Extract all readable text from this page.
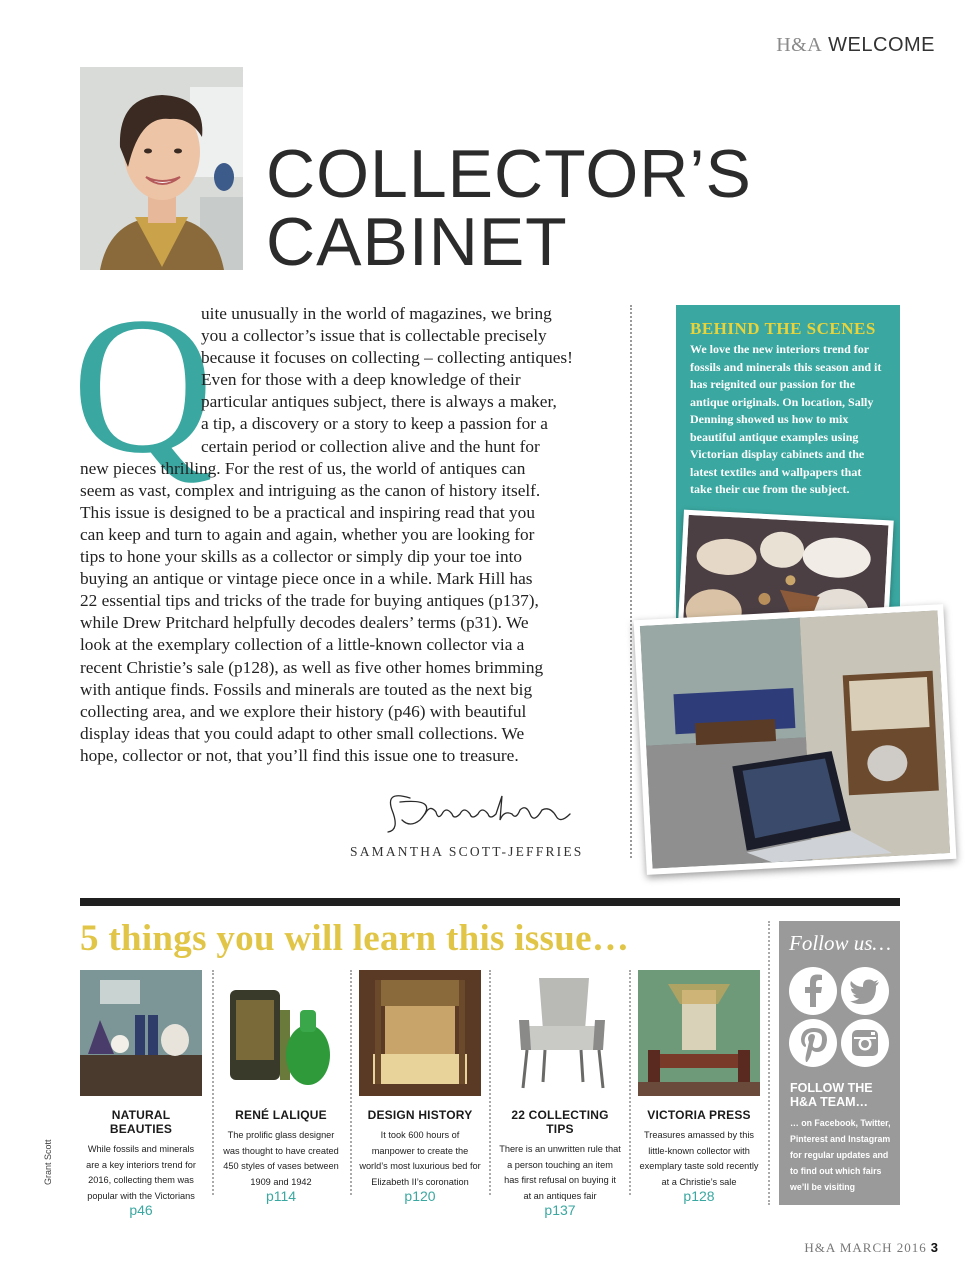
H&A WELCOME
COLLECTOR’S
CABINET
Q
uite unusually in the world of magazines, we bring
you a collector’s issue that is collectable precisely
because it focuses on collecting – collecting antiques!
Even for those with a deep knowledge of their
particular antiques subject, there is always a maker,
a tip, a discovery or a story to keep a passion for a
certain period or collection alive and the hunt for
new pieces thrilling. For the rest of us, the world of antiques can
seem as vast, complex and intriguing as the canon of history itself.
This issue is designed to be a practical and inspiring read that you
can keep and turn to again and again, whether you are looking for
tips to hone your skills as a collector or simply dip your toe into
buying an antique or vintage piece once in a while. Mark Hill has
22 essential tips and tricks of the trade for buying antiques (p137),
while Drew Pritchard helpfully decodes dealers’ terms (p31). We
look at the exemplary collection of a little-known collector via a
recent Christie’s sale (p128), as well as five other homes brimming
with antique finds. Fossils and minerals are touted as the next big
collecting area, and we explore their history (p46) with beautiful
display ideas that you could adapt to other small collections. We
hope, collector or not, that you’ll find this issue one to treasure.
SAMANTHA SCOTT-JEFFRIES
BEHIND THE SCENES

We love the new interiors trend for fossils and minerals this season and it has reignited our passion for the antique originals. On location, Sally Denning showed us how to mix beautiful antique examples using Victorian display cabinets and the latest textiles and wallpapers that take their cue from the subject.

5 things you will learn this issue…
NATURAL BEAUTIES
While fossils and minerals are a key interiors trend for 2016, collecting them was popular with the Victorians
p46
RENÉ LALIQUE
The prolific glass designer was thought to have created 450 styles of vases between 1909 and 1942
p114
DESIGN HISTORY
It took 600 hours of manpower to create the world’s most luxurious bed for Elizabeth II’s coronation
p120
22 COLLECTING TIPS
There is an unwritten rule that a person touching an item has first refusal on buying it at an antiques fair
p137
VICTORIA PRESS
Treasures amassed by this little-known collector with exemplary taste sold recently at a Christie’s sale
p128
Follow us…
FOLLOW THE H&A TEAM…
… on Facebook, Twitter, Pinterest and Instagram for regular updates and to find out which fairs we’ll be visiting
Grant Scott
H&A MARCH 2016 3
